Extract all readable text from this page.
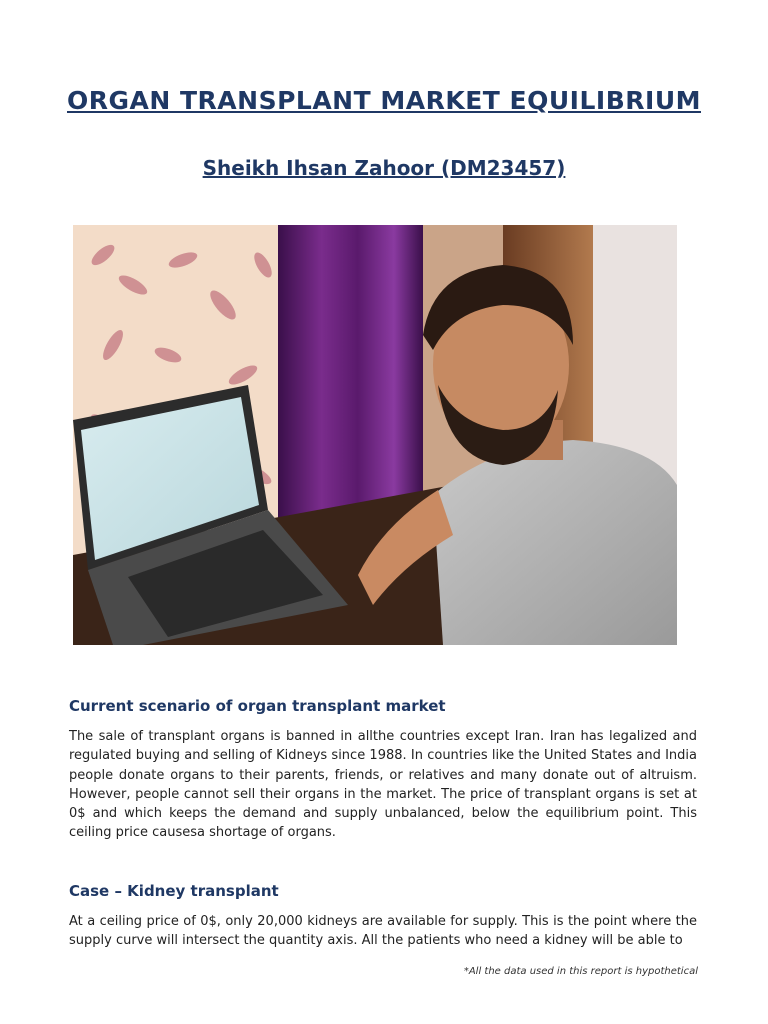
ORGAN TRANSPLANT MARKET EQUILIBRIUM
Sheikh Ihsan Zahoor (DM23457)
Current scenario of organ transplant market

The sale of transplant organs is banned in allthe countries except Iran. Iran has legalized and regulated buying and selling of Kidneys since 1988. In countries like the United States and India people donate organs to their parents, friends, or relatives and many donate out of altruism. However, people cannot sell their organs in the market. The price of transplant organs is set at 0$ and which keeps the demand and supply unbalanced, below the equilibrium point. This ceiling price causesa shortage of organs.

Case – Kidney transplant

At a ceiling price of 0$, only 20,000 kidneys are available for supply. This is the point where the supply curve will intersect the quantity axis. All the patients who need a kidney will be able to

*All the data used in this report is hypothetical
